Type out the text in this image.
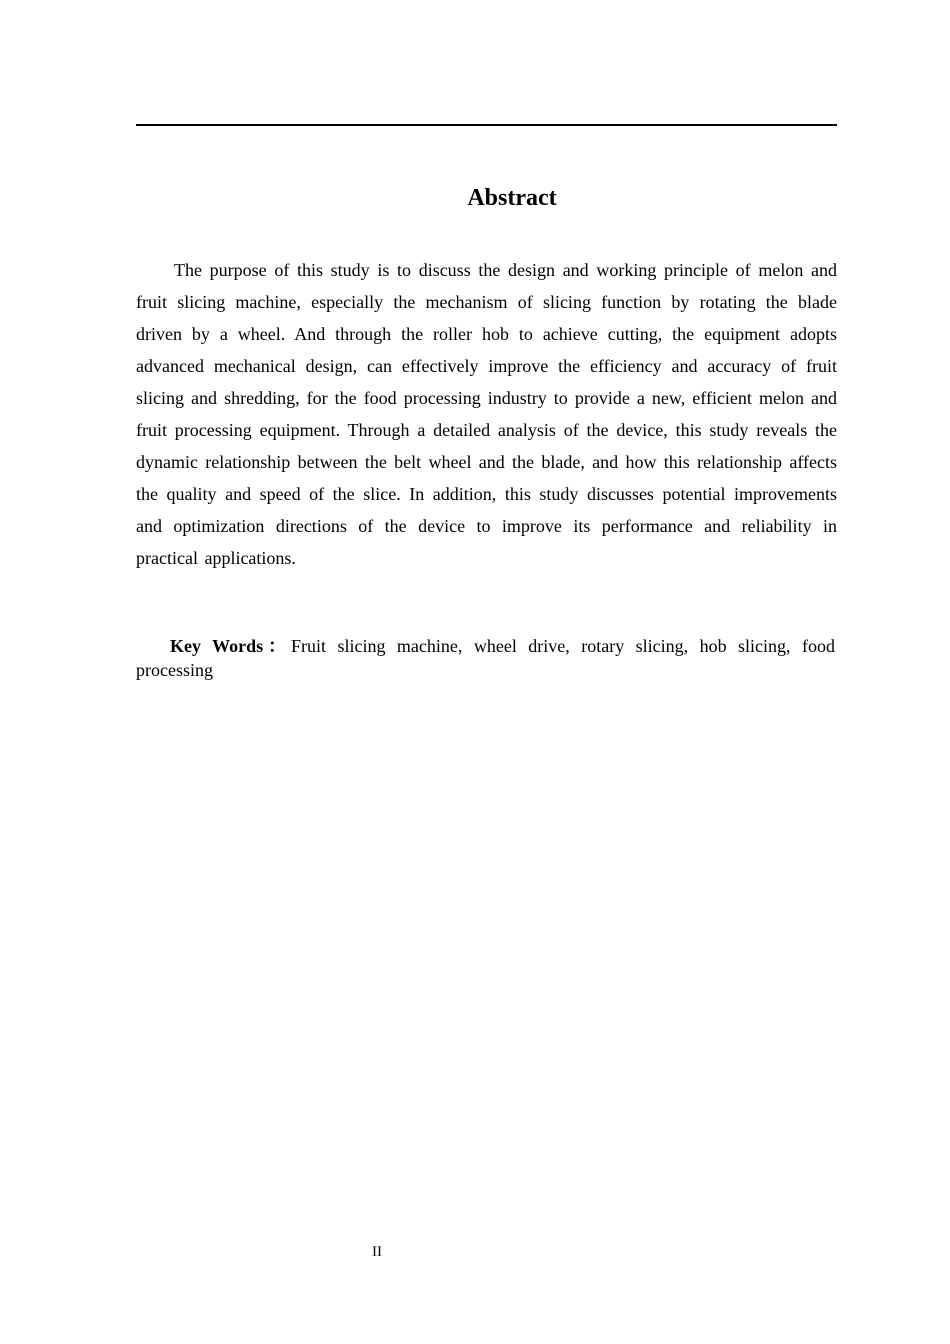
Abstract

The purpose of this study is to discuss the design and working principle of melon and fruit slicing machine, especially the mechanism of slicing function by rotating the blade driven by a wheel. And through the roller hob to achieve cutting, the equipment adopts advanced mechanical design, can effectively improve the efficiency and accuracy of fruit slicing and shredding, for the food processing industry to provide a new, efficient melon and fruit processing equipment. Through a detailed analysis of the device, this study reveals the dynamic relationship between the belt wheel and the blade, and how this relationship affects the quality and speed of the slice. In addition, this study discusses potential improvements and optimization directions of the device to improve its performance and reliability in practical applications.

Key Words：Fruit slicing machine, wheel drive, rotary slicing, hob slicing, food processing

II
